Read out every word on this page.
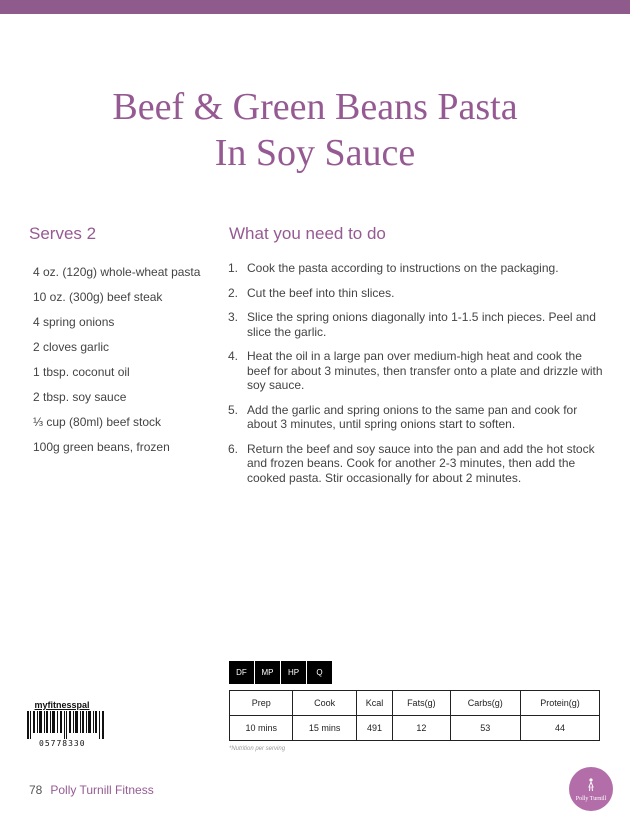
Beef & Green Beans Pasta
In Soy Sauce
Serves 2	What you need to do
4 oz. (120g) whole-wheat pasta
10 oz. (300g) beef steak
4 spring onions
2 cloves garlic
1 tbsp. coconut oil
2 tbsp. soy sauce
⅓ cup (80ml) beef stock
100g green beans, frozen
1. Cook the pasta according to instructions on the packaging.
2. Cut the beef into thin slices.
3. Slice the spring onions diagonally into 1-1.5 inch pieces. Peel and slice the garlic.
4. Heat the oil in a large pan over medium-high heat and cook the beef for about 3 minutes, then transfer onto a plate and drizzle with soy sauce.
5. Add the garlic and spring onions to the same pan and cook for about 3 minutes, until spring onions start to soften.
6. Return the beef and soy sauce into the pan and add the hot stock and frozen beans. Cook for another 2-3 minutes, then add the cooked pasta. Stir occasionally for about 2 minutes.
DF	MP	HP	Q
Prep	Cook	Kcal	Fats(g)	Carbs(g)	Protein(g)
10 mins	15 mins	491	12	53	44
*Nutrition per serving
myfitnesspal
05778330
78 Polly Turnill Fitness
Polly Turnill
